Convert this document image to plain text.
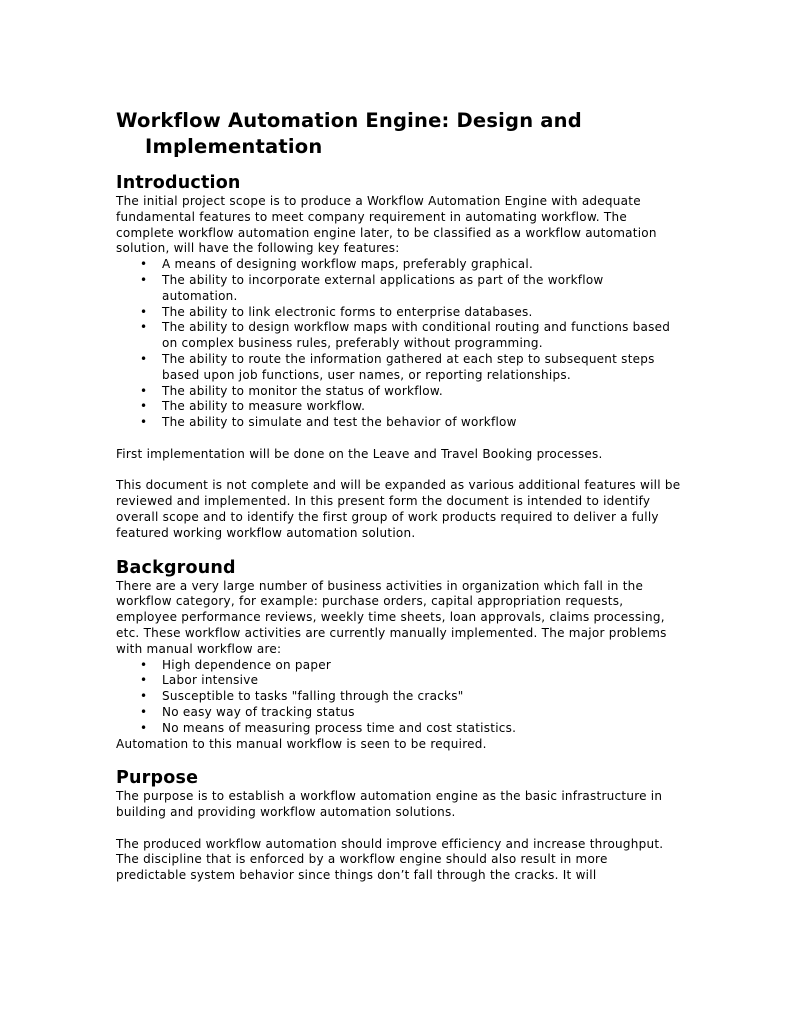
Workflow Automation Engine: Design and Implementation
Introduction

The initial project scope is to produce a Workflow Automation Engine with adequate fundamental features to meet company requirement in automating workflow. The complete workflow automation engine later, to be classified as a workflow automation solution, will have the following key features:

• A means of designing workflow maps, preferably graphical.
• The ability to incorporate external applications as part of the workflow automation.
• The ability to link electronic forms to enterprise databases.
• The ability to design workflow maps with conditional routing and functions based on complex business rules, preferably without programming.
• The ability to route the information gathered at each step to subsequent steps based upon job functions, user names, or reporting relationships.
• The ability to monitor the status of workflow.
• The ability to measure workflow.
• The ability to simulate and test the behavior of workflow

First implementation will be done on the Leave and Travel Booking processes.

This document is not complete and will be expanded as various additional features will be reviewed and implemented. In this present form the document is intended to identify overall scope and to identify the first group of work products required to deliver a fully featured working workflow automation solution.

Background

There are a very large number of business activities in organization which fall in the workflow category, for example: purchase orders, capital appropriation requests, employee performance reviews, weekly time sheets, loan approvals, claims processing, etc. These workflow activities are currently manually implemented. The major problems with manual workflow are:

• High dependence on paper
• Labor intensive
• Susceptible to tasks "falling through the cracks"
• No easy way of tracking status
• No means of measuring process time and cost statistics.

Automation to this manual workflow is seen to be required.

Purpose

The purpose is to establish a workflow automation engine as the basic infrastructure in building and providing workflow automation solutions.

The produced workflow automation should improve efficiency and increase throughput. The discipline that is enforced by a workflow engine should also result in more predictable system behavior since things don’t fall through the cracks. It will
